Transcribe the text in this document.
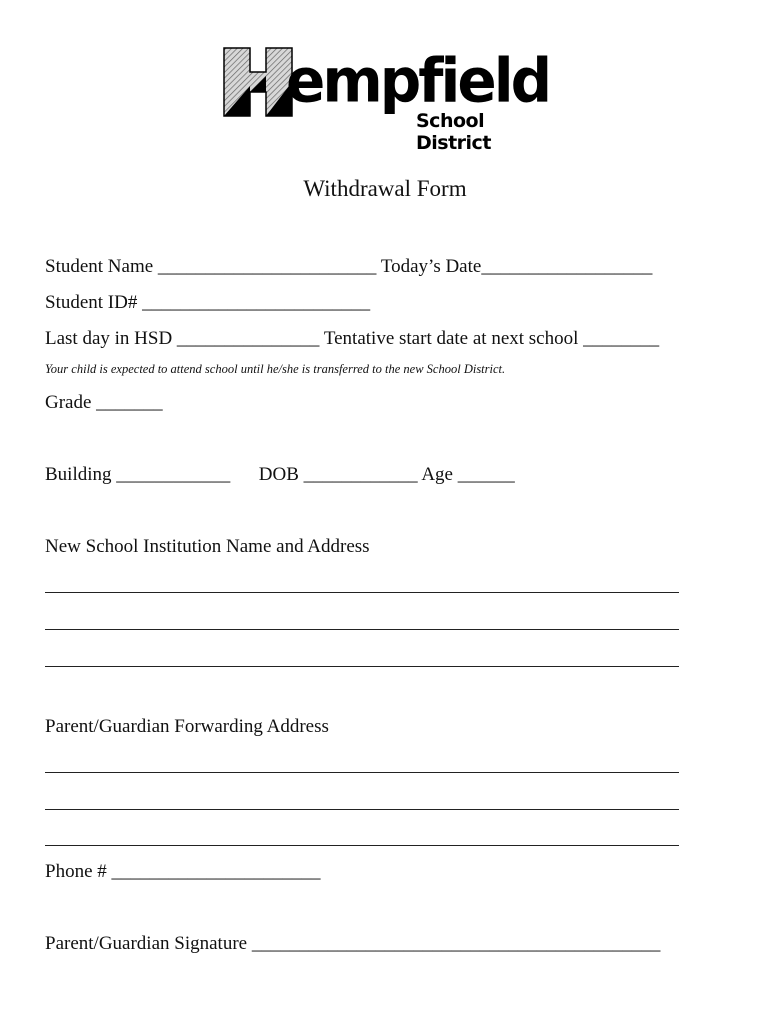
empfield
School District
Withdrawal Form
Student Name _______________________ Today’s Date__________________
Student ID# ________________________
Last day in HSD _______________ Tentative start date at next school ________
Your child is expected to attend school until he/she is transferred to the new School District.
Grade _______
Building ____________      DOB ____________ Age ______
New School Institution Name and Address
Parent/Guardian Forwarding Address
Phone # ______________________
Parent/Guardian Signature ___________________________________________
